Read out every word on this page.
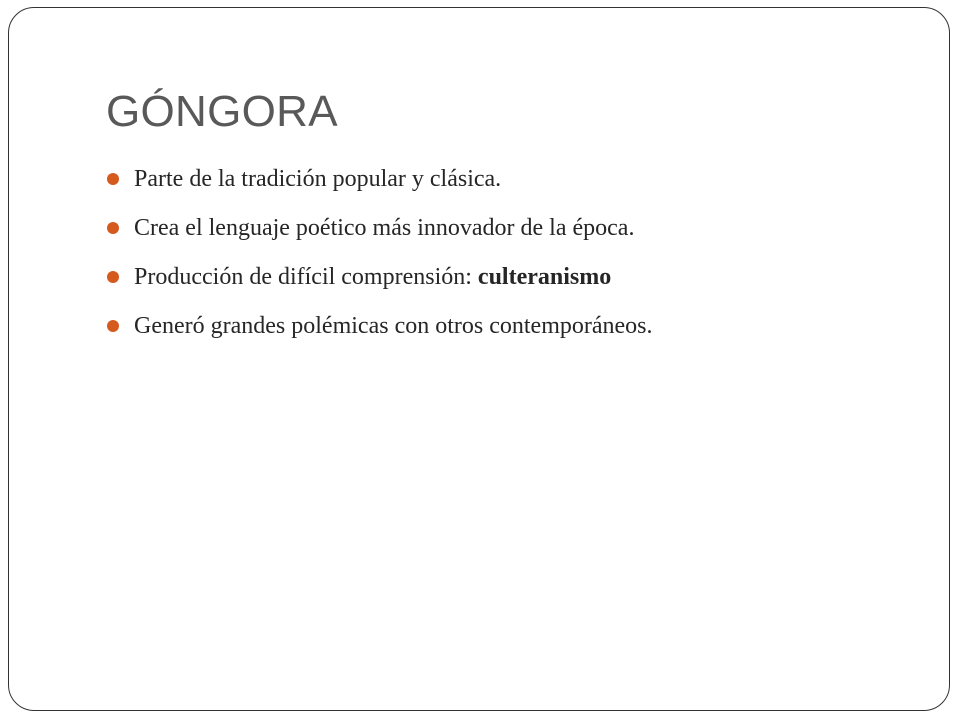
GÓNGORA
Parte de la tradición popular y clásica.
Crea el lenguaje poético más innovador de la época.
Producción de difícil comprensión: culteranismo
Generó grandes polémicas con otros contemporáneos.
